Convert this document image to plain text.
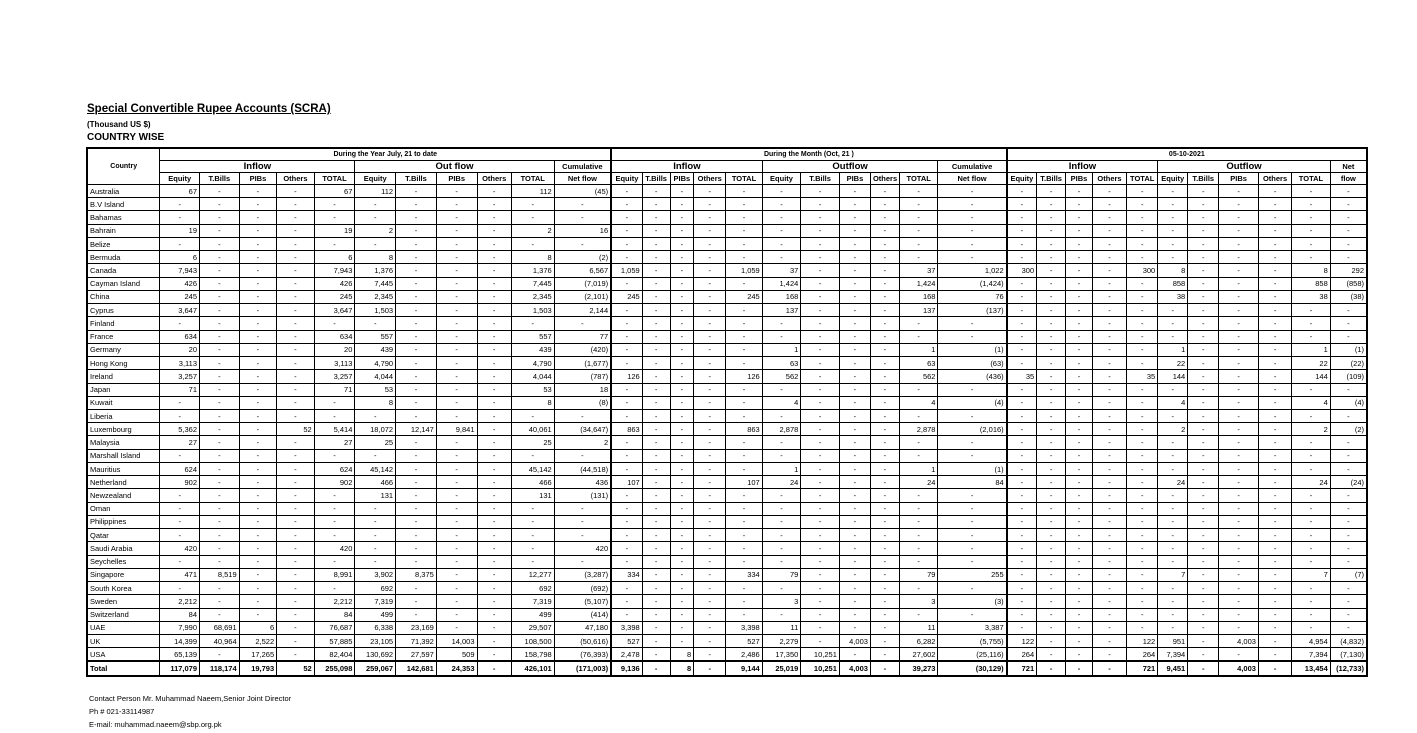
Special Convertible Rupee Accounts (SCRA)
(Thousand US $)
COUNTRY WISE
Country	During the Year July, 21 to date											During the Month (Oct, 21 )											05-10-2021										
	Inflow					Out flow					Cumulative	Inflow					Outflow					Cumulative	Inflow					Outflow					Net
	Equity	T.Bills	PIBs	Others	TOTAL	Equity	T.Bills	PIBs	Others	TOTAL	Net flow	Equity	T.Bills	PIBs	Others	TOTAL	Equity	T.Bills	PIBs	Others	TOTAL	Net flow	Equity	T.Bills	PIBs	Others	TOTAL	Equity	T.Bills	PIBs	Others	TOTAL	flow
Australia	67	-	-	-	67	112	-	-	-	112	(45)	-	-	-	-	-	-	-	-	-	-	-	-	-	-	-	-	-	-	-	-	-	-
B.V Island	-	-	-	-	-	-	-	-	-	-	-	-	-	-	-	-	-	-	-	-	-	-	-	-	-	-	-	-	-	-	-	-	-
Bahamas	-	-	-	-	-	-	-	-	-	-	-	-	-	-	-	-	-	-	-	-	-	-	-	-	-	-	-	-	-	-	-	-	-
Bahrain	19	-	-	-	19	2	-	-	-	2	16	-	-	-	-	-	-	-	-	-	-	-	-	-	-	-	-	-	-	-	-	-	-
Belize	-	-	-	-	-	-	-	-	-	-	-	-	-	-	-	-	-	-	-	-	-	-	-	-	-	-	-	-	-	-	-	-	-
Bermuda	6	-	-	-	6	8	-	-	-	8	(2)	-	-	-	-	-	-	-	-	-	-	-	-	-	-	-	-	-	-	-	-	-	-
Canada	7,943	-	-	-	7,943	1,376	-	-	-	1,376	6,567	1,059	-	-	-	1,059	37	-	-	-	37	1,022	300	-	-	-	300	8	-	-	-	8	292
Cayman Island	426	-	-	-	426	7,445	-	-	-	7,445	(7,019)	-	-	-	-	-	1,424	-	-	-	1,424	(1,424)	-	-	-	-	-	858	-	-	-	858	(858)
China	245	-	-	-	245	2,345	-	-	-	2,345	(2,101)	245	-	-	-	245	168	-	-	-	168	76	-	-	-	-	-	38	-	-	-	38	(38)
Cyprus	3,647	-	-	-	3,647	1,503	-	-	-	1,503	2,144	-	-	-	-	-	137	-	-	-	137	(137)	-	-	-	-	-	-	-	-	-	-	-
Finland	-	-	-	-	-	-	-	-	-	-	-	-	-	-	-	-	-	-	-	-	-	-	-	-	-	-	-	-	-	-	-	-	-
France	634	-	-	-	634	557	-	-	-	557	77	-	-	-	-	-	-	-	-	-	-	-	-	-	-	-	-	-	-	-	-	-	-
Germany	20	-	-	-	20	439	-	-	-	439	(420)	-	-	-	-	-	1	-	-	-	1	(1)	-	-	-	-	-	1	-	-	-	1	(1)
Hong Kong	3,113	-	-	-	3,113	4,790	-	-	-	4,790	(1,677)	-	-	-	-	-	63	-	-	-	63	(63)	-	-	-	-	-	22	-	-	-	22	(22)
Ireland	3,257	-	-	-	3,257	4,044	-	-	-	4,044	(787)	126	-	-	-	126	562	-	-	-	562	(436)	35	-	-	-	35	144	-	-	-	144	(109)
Japan	71	-	-	-	71	53	-	-	-	53	18	-	-	-	-	-	-	-	-	-	-	-	-	-	-	-	-	-	-	-	-	-	-
Kuwait	-	-	-	-	-	8	-	-	-	8	(8)	-	-	-	-	-	4	-	-	-	4	(4)	-	-	-	-	-	4	-	-	-	4	(4)
Liberia	-	-	-	-	-	-	-	-	-	-	-	-	-	-	-	-	-	-	-	-	-	-	-	-	-	-	-	-	-	-	-	-	-
Luxembourg	5,362	-	-	52	5,414	18,072	12,147	9,841	-	40,061	(34,647)	863	-	-	-	863	2,878	-	-	-	2,878	(2,016)	-	-	-	-	-	2	-	-	-	2	(2)
Malaysia	27	-	-	-	27	25	-	-	-	25	2	-	-	-	-	-	-	-	-	-	-	-	-	-	-	-	-	-	-	-	-	-	-
Marshall Island	-	-	-	-	-	-	-	-	-	-	-	-	-	-	-	-	-	-	-	-	-	-	-	-	-	-	-	-	-	-	-	-	-
Mauritius	624	-	-	-	624	45,142	-	-	-	45,142	(44,518)	-	-	-	-	-	1	-	-	-	1	(1)	-	-	-	-	-	-	-	-	-	-	-
Netherland	902	-	-	-	902	466	-	-	-	466	436	107	-	-	-	107	24	-	-	-	24	84	-	-	-	-	-	24	-	-	-	24	(24)
Newzealand	-	-	-	-	-	131	-	-	-	131	(131)	-	-	-	-	-	-	-	-	-	-	-	-	-	-	-	-	-	-	-	-	-	-
Oman	-	-	-	-	-	-	-	-	-	-	-	-	-	-	-	-	-	-	-	-	-	-	-	-	-	-	-	-	-	-	-	-	-
Philippines	-	-	-	-	-	-	-	-	-	-	-	-	-	-	-	-	-	-	-	-	-	-	-	-	-	-	-	-	-	-	-	-	-
Qatar	-	-	-	-	-	-	-	-	-	-	-	-	-	-	-	-	-	-	-	-	-	-	-	-	-	-	-	-	-	-	-	-	-
Saudi Arabia	420	-	-	-	420	-	-	-	-	-	420	-	-	-	-	-	-	-	-	-	-	-	-	-	-	-	-	-	-	-	-	-	-
Seychelles	-	-	-	-	-	-	-	-	-	-	-	-	-	-	-	-	-	-	-	-	-	-	-	-	-	-	-	-	-	-	-	-	-
Singapore	471	8,519	-	-	8,991	3,902	8,375	-	-	12,277	(3,287)	334	-	-	-	334	79	-	-	-	79	255	-	-	-	-	-	7	-	-	-	7	(7)
South Korea	-	-	-	-	-	692	-	-	-	692	(692)	-	-	-	-	-	-	-	-	-	-	-	-	-	-	-	-	-	-	-	-	-	-
Sweden	2,212	-	-	-	2,212	7,319	-	-	-	7,319	(5,107)	-	-	-	-	-	3	-	-	-	3	(3)	-	-	-	-	-	-	-	-	-	-	-
Switzerland	84	-	-	-	84	499	-	-	-	499	(414)	-	-	-	-	-	-	-	-	-	-	-	-	-	-	-	-	-	-	-	-	-	-
UAE	7,990	68,691	6	-	76,687	6,338	23,169	-	-	29,507	47,180	3,398	-	-	-	3,398	11	-	-	-	11	3,387	-	-	-	-	-	-	-	-	-	-	-
UK	14,399	40,964	2,522	-	57,885	23,105	71,392	14,003	-	108,500	(50,616)	527	-	-	-	527	2,279	-	4,003	-	6,282	(5,755)	122	-	-	-	122	951	-	4,003	-	4,954	(4,832)
USA	65,139	-	17,265	-	82,404	130,692	27,597	509	-	158,798	(76,393)	2,478	-	8	-	2,486	17,350	10,251	-	-	27,602	(25,116)	264	-	-	-	264	7,394	-	-	-	7,394	(7,130)
Total	117,079	118,174	19,793	52	255,098	259,067	142,681	24,353	-	426,101	(171,003)	9,136	-	8	-	9,144	25,019	10,251	4,003	-	39,273	(30,129)	721	-	-	-	721	9,451	-	4,003	-	13,454	(12,733)
Contact Person Mr. Muhammad Naeem,Senior Joint Director
Ph # 021-33114987
E-mail: muhammad.naeem@sbp.org.pk
